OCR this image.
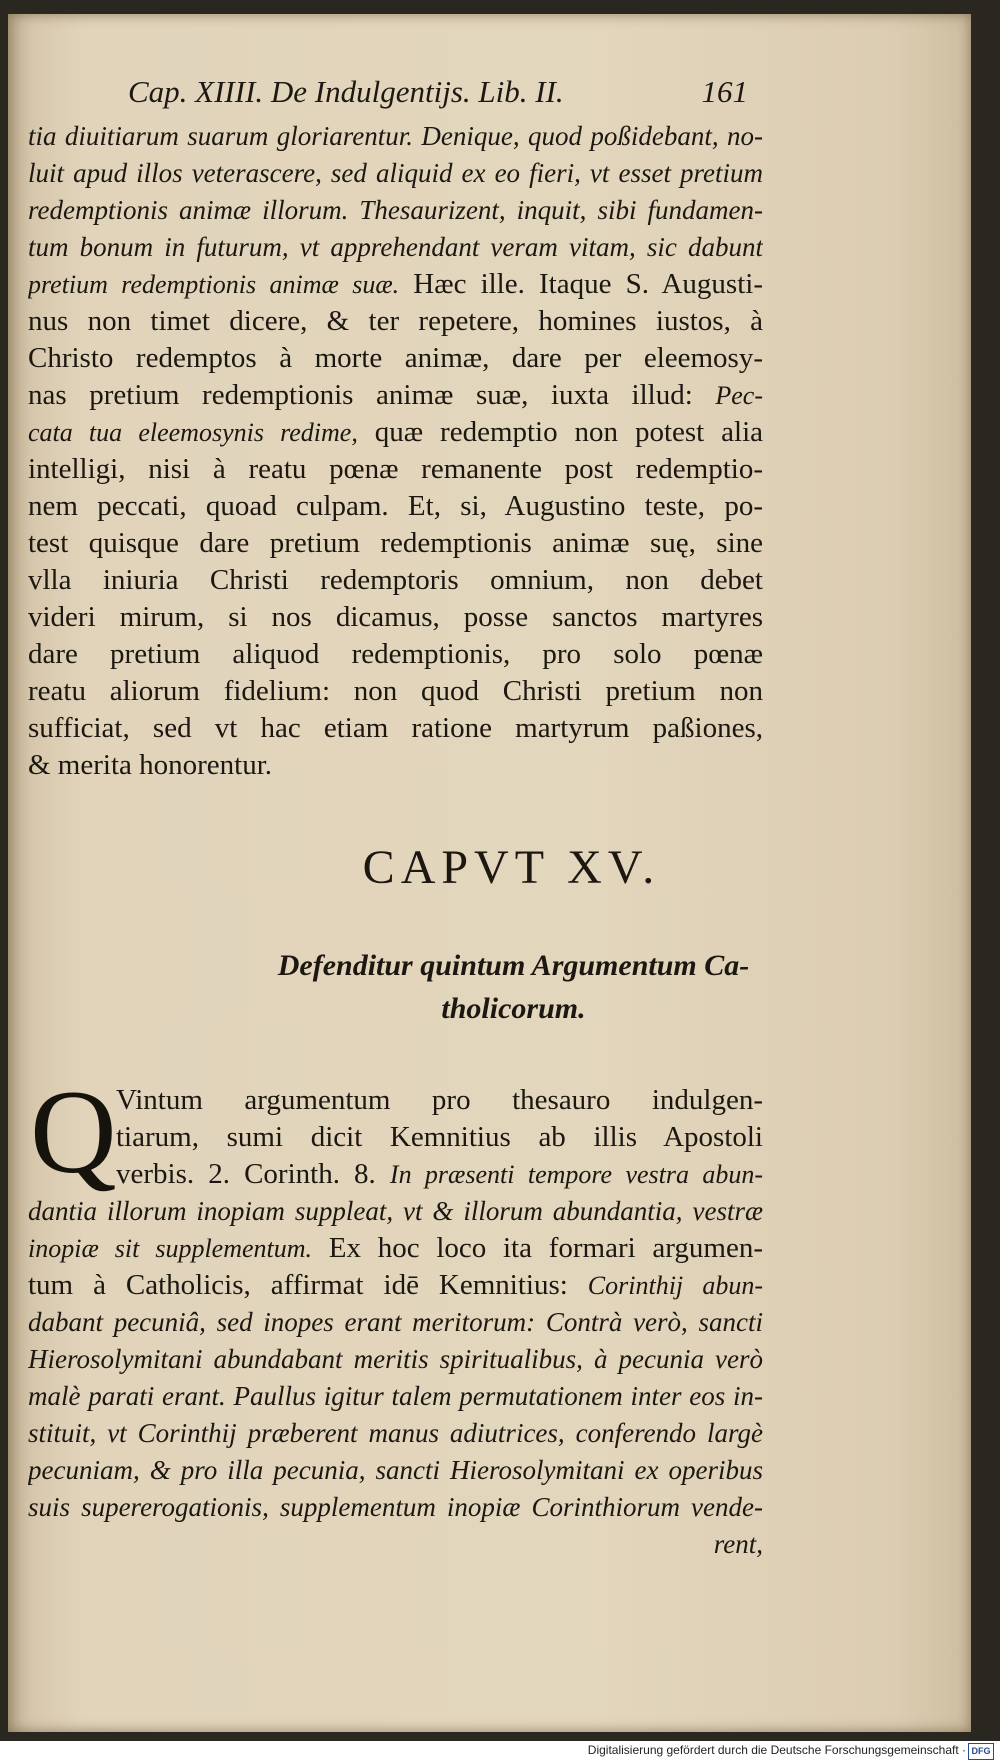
Cap. XIIII. De Indulgentijs. Lib. II.	161
tia diuitiarum suarum gloriarentur. Denique, quod poßidebant, no-
luit apud illos veterascere, sed aliquid ex eo fieri, vt esset pretium
redemptionis animæ illorum. Thesaurizent, inquit, sibi fundamen-
tum bonum in futurum, vt apprehendant veram vitam, sic dabunt
pretium redemptionis animæ suæ. Hæc ille. Itaque S. Augusti-
nus non timet dicere, & ter repetere, homines iustos, à
Christo redemptos à morte animæ, dare per eleemosy-
nas pretium redemptionis animæ suæ, iuxta illud: Pec-
cata tua eleemosynis redime, quæ redemptio non potest alia
intelligi, nisi à reatu pœnæ remanente post redemptio-
nem peccati, quoad culpam. Et, si, Augustino teste, po-
test quisque dare pretium redemptionis animæ suę, sine
vlla iniuria Christi redemptoris omnium, non debet
videri mirum, si nos dicamus, posse sanctos martyres
dare pretium aliquod redemptionis, pro solo pœnæ
reatu aliorum fidelium: non quod Christi pretium non
sufficiat, sed vt hac etiam ratione martyrum paßiones,
& merita honorentur.
CAPVT XV.
Defenditur quintum Argumentum Ca-
tholicorum.
Q Vintum argumentum pro thesauro indulgen-
tiarum, sumi dicit Kemnitius ab illis Apostoli
verbis. 2. Corinth. 8. In præsenti tempore vestra abun-
dantia illorum inopiam suppleat, vt & illorum abundantia, vestræ
inopiæ sit supplementum. Ex hoc loco ita formari argumen-
tum à Catholicis, affirmat idē Kemnitius: Corinthij abun-
dabant pecuniâ, sed inopes erant meritorum: Contrà verò, sancti
Hierosolymitani abundabant meritis spiritualibus, à pecunia verò
malè parati erant. Paullus igitur talem permutationem inter eos in-
stituit, vt Corinthij præberent manus adiutrices, conferendo largè
pecuniam, & pro illa pecunia, sancti Hierosolymitani ex operibus
suis supererogationis, supplementum inopiæ Corinthiorum vende-
rent,
Digitalisierung gefördert durch die Deutsche Forschungsgemeinschaft · DFG
